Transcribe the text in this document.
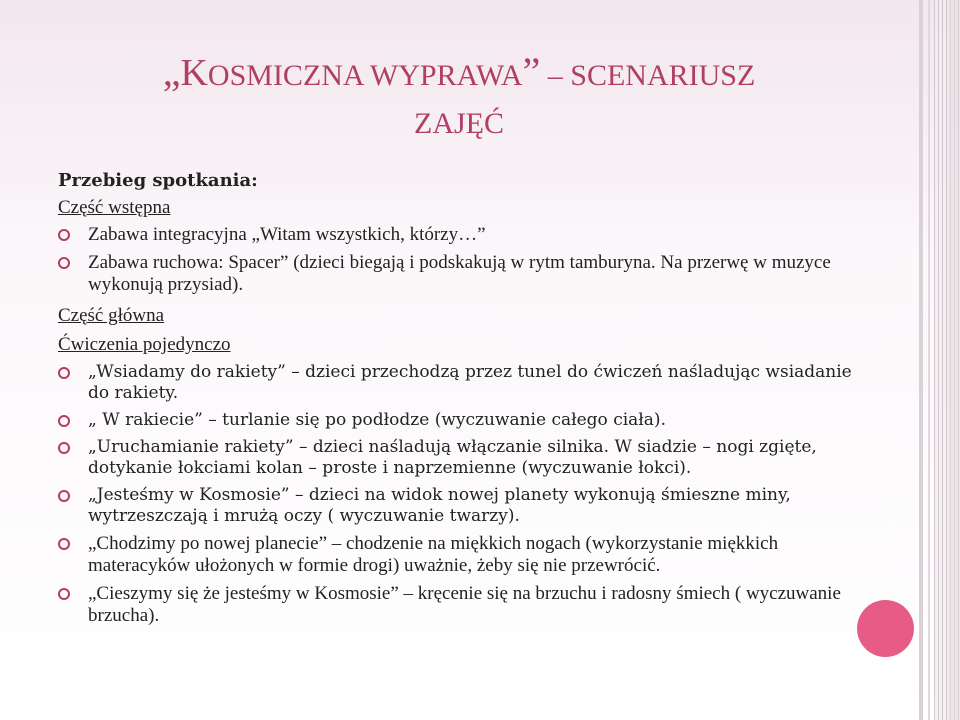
„KOSMICZNA WYPRAWA” – SCENARIUSZ
ZAJĘĆ

Przebieg spotkania:

Część wstępna

Zabawa integracyjna „Witam wszystkich, którzy…”
Zabawa ruchowa: Spacer” (dzieci biegają i podskakują w rytm tamburyna. Na przerwę w muzyce wykonują przysiad).

Część główna

Ćwiczenia pojedynczo

„Wsiadamy do rakiety” – dzieci przechodzą przez tunel do ćwiczeń naśladując wsiadanie do rakiety.
„ W rakiecie” – turlanie się po podłodze (wyczuwanie całego ciała).
„Uruchamianie rakiety” – dzieci naśladują włączanie silnika. W siadzie – nogi zgięte, dotykanie łokciami kolan – proste i naprzemienne (wyczuwanie łokci).
„Jesteśmy w Kosmosie” – dzieci na widok nowej planety wykonują śmieszne miny, wytrzeszczają i mrużą oczy ( wyczuwanie twarzy).
„Chodzimy po nowej planecie” – chodzenie na miękkich nogach (wykorzystanie miękkich materacyków ułożonych w formie drogi) uważnie, żeby się nie przewrócić.
„Cieszymy się że jesteśmy w Kosmosie” – kręcenie się na brzuchu i radosny śmiech ( wyczuwanie brzucha).
